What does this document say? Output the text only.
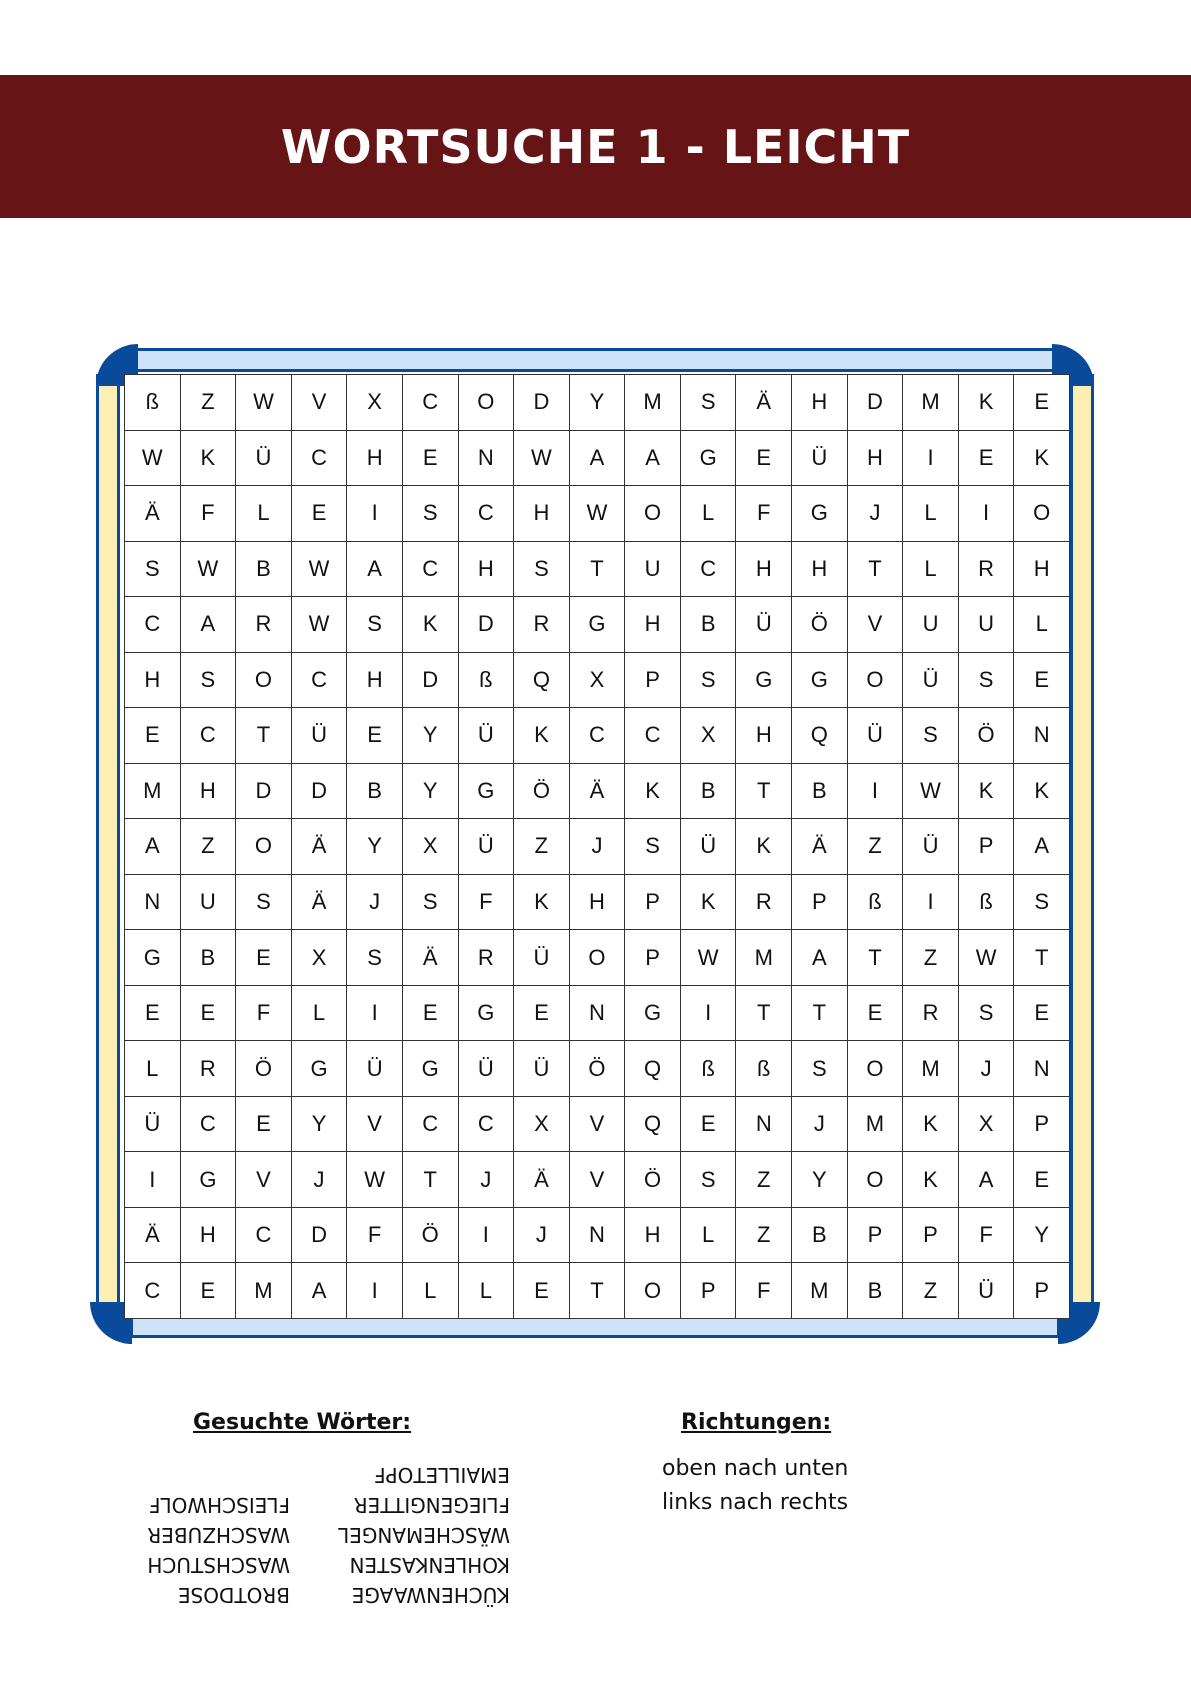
WORTSUCHE 1 - LEICHT
ß	Z	W	V	X	C	O	D	Y	M	S	Ä	H	D	M	K	E
W	K	Ü	C	H	E	N	W	A	A	G	E	Ü	H	I	E	K
Ä	F	L	E	I	S	C	H	W	O	L	F	G	J	L	I	O
S	W	B	W	A	C	H	S	T	U	C	H	H	T	L	R	H
C	A	R	W	S	K	D	R	G	H	B	Ü	Ö	V	U	U	L
H	S	O	C	H	D	ß	Q	X	P	S	G	G	O	Ü	S	E
E	C	T	Ü	E	Y	Ü	K	C	C	X	H	Q	Ü	S	Ö	N
M	H	D	D	B	Y	G	Ö	Ä	K	B	T	B	I	W	K	K
A	Z	O	Ä	Y	X	Ü	Z	J	S	Ü	K	Ä	Z	Ü	P	A
N	U	S	Ä	J	S	F	K	H	P	K	R	P	ß	I	ß	S
G	B	E	X	S	Ä	R	Ü	O	P	W	M	A	T	Z	W	T
E	E	F	L	I	E	G	E	N	G	I	T	T	E	R	S	E
L	R	Ö	G	Ü	G	Ü	Ü	Ö	Q	ß	ß	S	O	M	J	N
Ü	C	E	Y	V	C	C	X	V	Q	E	N	J	M	K	X	P
I	G	V	J	W	T	J	Ä	V	Ö	S	Z	Y	O	K	A	E
Ä	H	C	D	F	Ö	I	J	N	H	L	Z	B	P	P	F	Y
C	E	M	A	I	L	L	E	T	O	P	F	M	B	Z	Ü	P
Gesuchte Wörter:	Richtungen:
BROTDOSE
WASCHSTUCH
WASCHZUBER
FLEISCHWOLF
KÜCHENWAAGE
KOHLENKASTEN
WÄSCHEMANGEL
FLIEGENGITTER
EMAILLETOPF	oben nach unten
links nach rechts
